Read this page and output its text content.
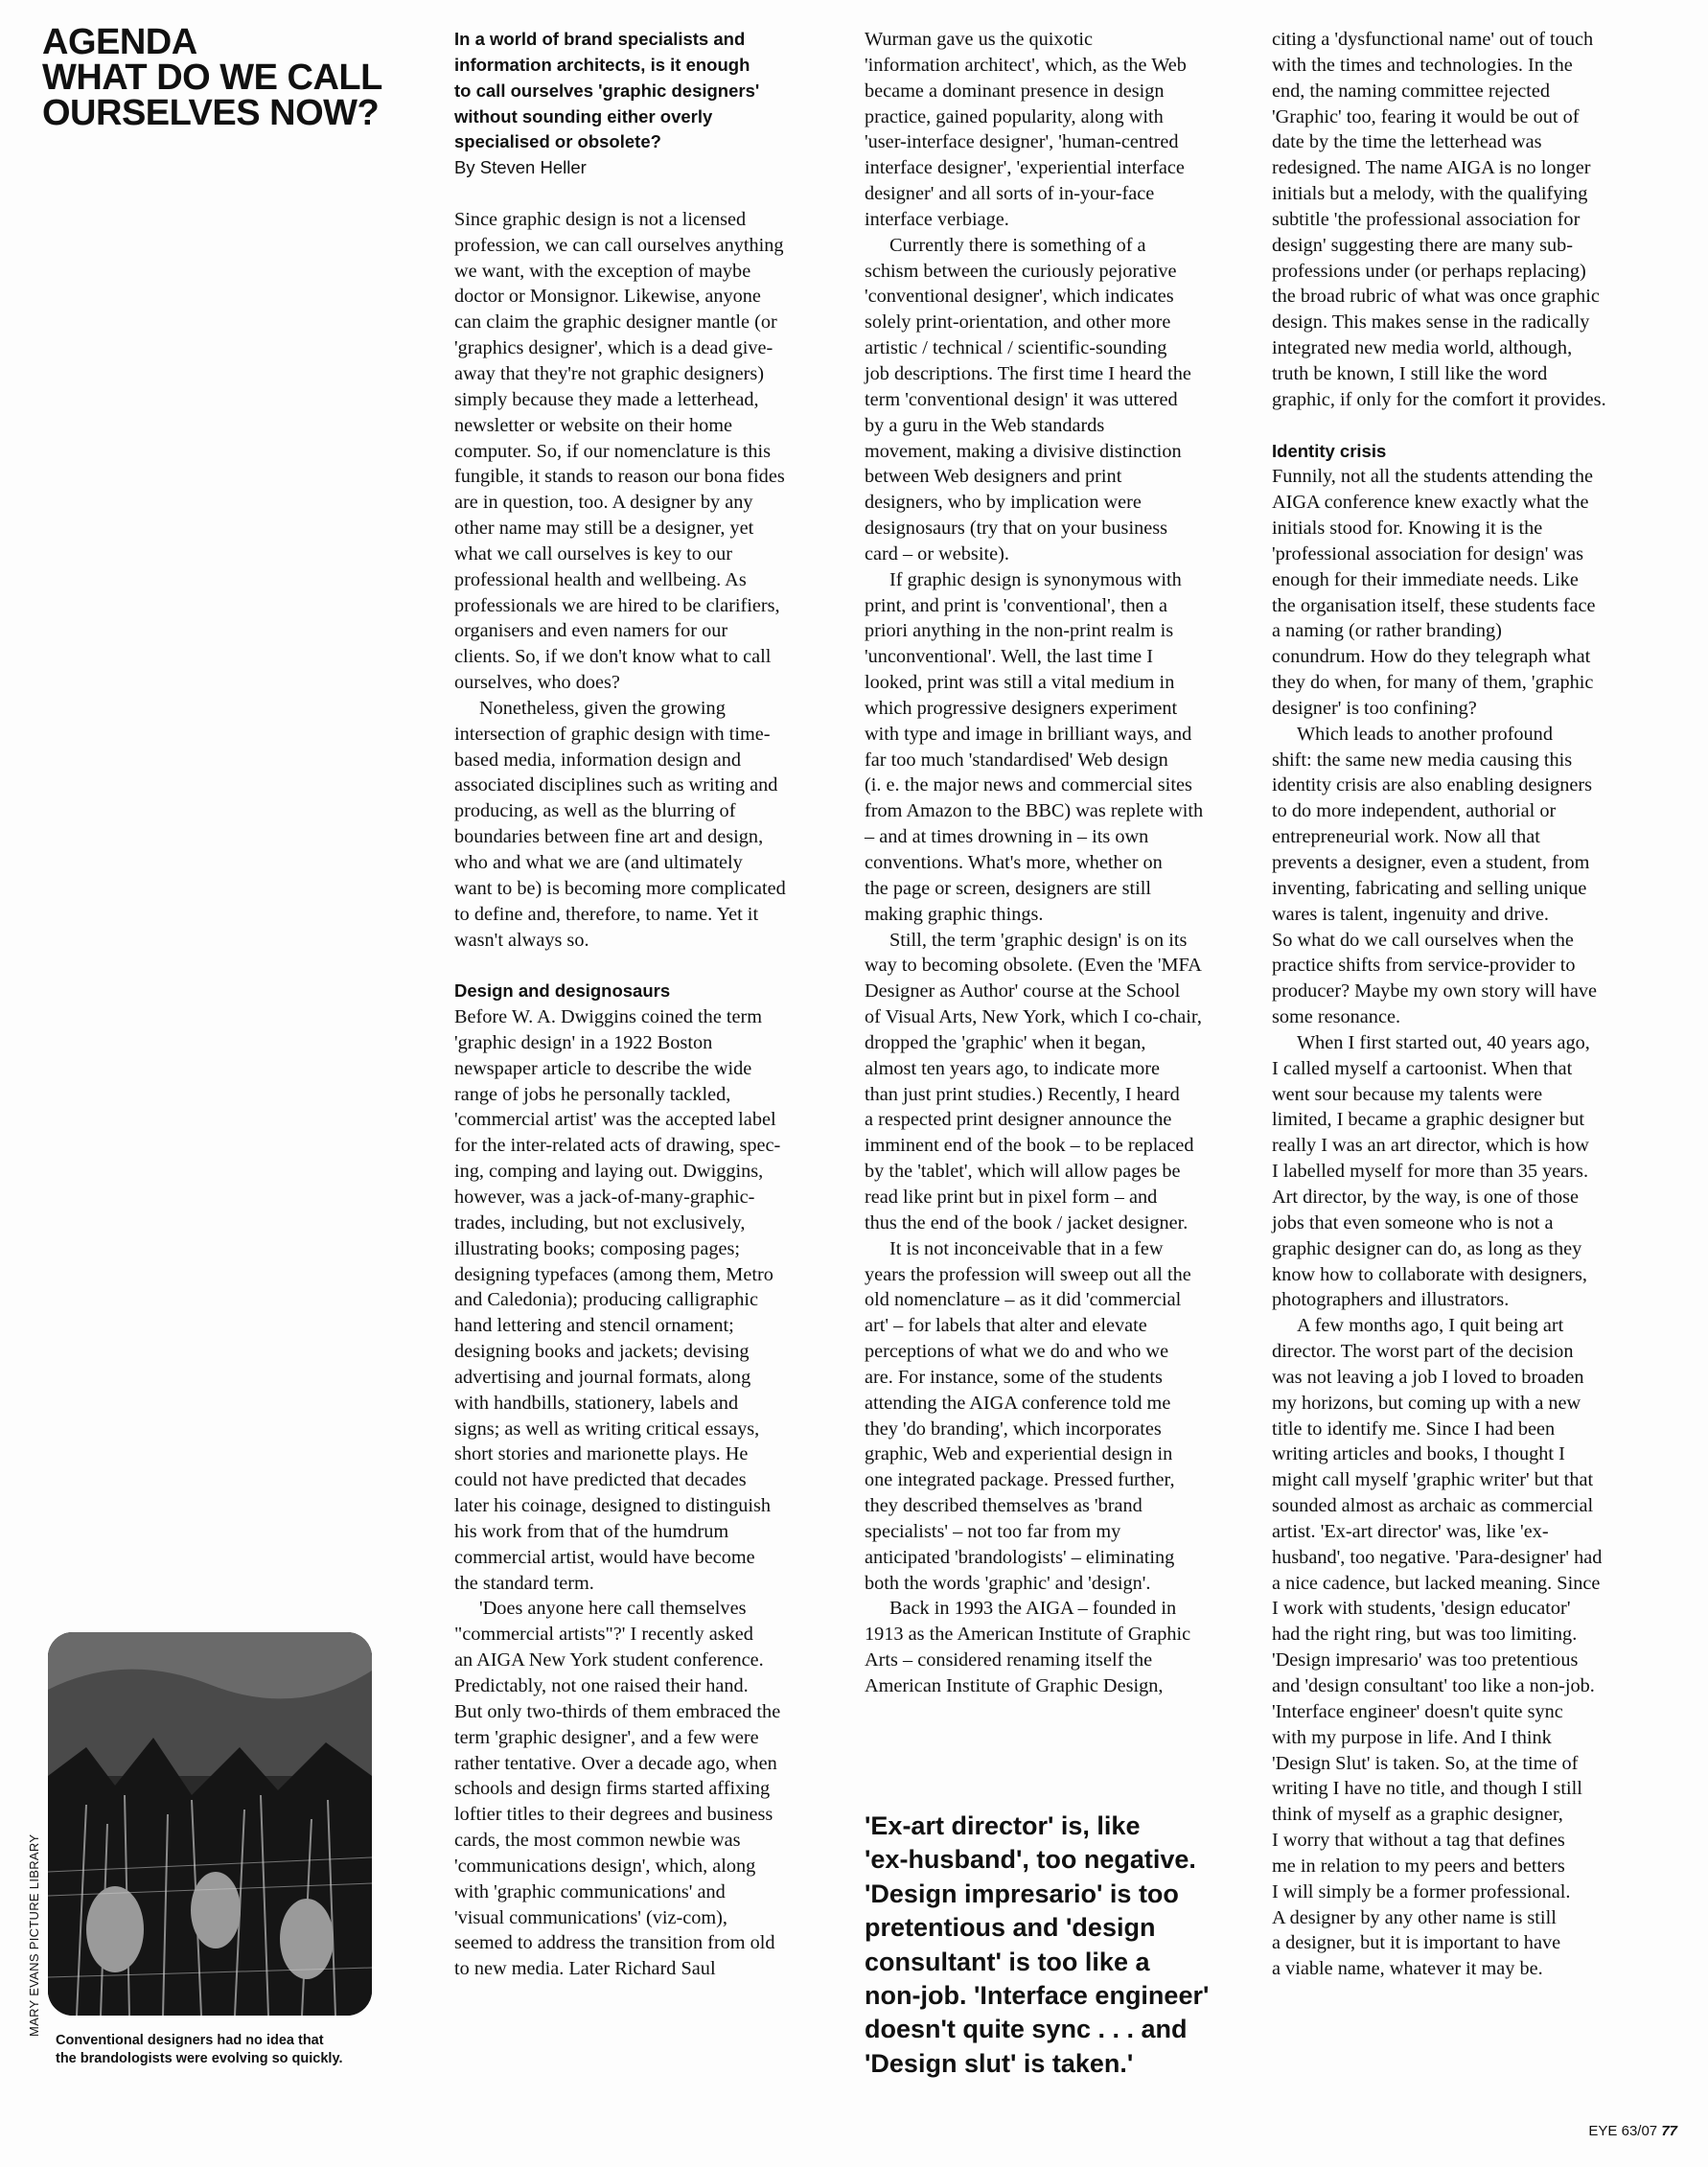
AGENDA
WHAT DO WE CALL
OURSELVES NOW?
In a world of brand specialists and
information architects, is it enough
to call ourselves 'graphic designers'
without sounding either overly
specialised or obsolete?
By Steven Heller
Since graphic design is not a licensed
profession, we can call ourselves anything
we want, with the exception of maybe
doctor or Monsignor. Likewise, anyone
can claim the graphic designer mantle (or
'graphics designer', which is a dead give-
away that they're not graphic designers)
simply because they made a letterhead,
newsletter or website on their home
computer. So, if our nomenclature is this
fungible, it stands to reason our bona fides
are in question, too. A designer by any
other name may still be a designer, yet
what we call ourselves is key to our
professional health and wellbeing. As
professionals we are hired to be clarifiers,
organisers and even namers for our
clients. So, if we don't know what to call
ourselves, who does?
Nonetheless, given the growing
intersection of graphic design with time-
based media, information design and
associated disciplines such as writing and
producing, as well as the blurring of
boundaries between fine art and design,
who and what we are (and ultimately
want to be) is becoming more complicated
to define and, therefore, to name. Yet it
wasn't always so.
Design and designosaurs
Before W. A. Dwiggins coined the term
'graphic design' in a 1922 Boston
newspaper article to describe the wide
range of jobs he personally tackled,
'commercial artist' was the accepted label
for the inter-related acts of drawing, spec-
ing, comping and laying out. Dwiggins,
however, was a jack-of-many-graphic-
trades, including, but not exclusively,
illustrating books; composing pages;
designing typefaces (among them, Metro
and Caledonia); producing calligraphic
hand lettering and stencil ornament;
designing books and jackets; devising
advertising and journal formats, along
with handbills, stationery, labels and
signs; as well as writing critical essays,
short stories and marionette plays. He
could not have predicted that decades
later his coinage, designed to distinguish
his work from that of the humdrum
commercial artist, would have become
the standard term.
'Does anyone here call themselves
"commercial artists"?' I recently asked
an AIGA New York student conference.
Predictably, not one raised their hand.
But only two-thirds of them embraced the
term 'graphic designer', and a few were
rather tentative. Over a decade ago, when
schools and design firms started affixing
loftier titles to their degrees and business
cards, the most common newbie was
'communications design', which, along
with 'graphic communications' and
'visual communications' (viz-com),
seemed to address the transition from old
to new media. Later Richard Saul
Wurman gave us the quixotic
'information architect', which, as the Web
became a dominant presence in design
practice, gained popularity, along with
'user-interface designer', 'human-centred
interface designer', 'experiential interface
designer' and all sorts of in-your-face
interface verbiage.
Currently there is something of a
schism between the curiously pejorative
'conventional designer', which indicates
solely print-orientation, and other more
artistic / technical / scientific-sounding
job descriptions. The first time I heard the
term 'conventional design' it was uttered
by a guru in the Web standards
movement, making a divisive distinction
between Web designers and print
designers, who by implication were
designosaurs (try that on your business
card – or website).
If graphic design is synonymous with
print, and print is 'conventional', then a
priori anything in the non-print realm is
'unconventional'. Well, the last time I
looked, print was still a vital medium in
which progressive designers experiment
with type and image in brilliant ways, and
far too much 'standardised' Web design
(i. e. the major news and commercial sites
from Amazon to the BBC) was replete with
– and at times drowning in – its own
conventions. What's more, whether on
the page or screen, designers are still
making graphic things.
Still, the term 'graphic design' is on its
way to becoming obsolete. (Even the 'MFA
Designer as Author' course at the School
of Visual Arts, New York, which I co-chair,
dropped the 'graphic' when it began,
almost ten years ago, to indicate more
than just print studies.) Recently, I heard
a respected print designer announce the
imminent end of the book – to be replaced
by the 'tablet', which will allow pages be
read like print but in pixel form – and
thus the end of the book / jacket designer.
It is not inconceivable that in a few
years the profession will sweep out all the
old nomenclature – as it did 'commercial
art' – for labels that alter and elevate
perceptions of what we do and who we
are. For instance, some of the students
attending the AIGA conference told me
they 'do branding', which incorporates
graphic, Web and experiential design in
one integrated package. Pressed further,
they described themselves as 'brand
specialists' – not too far from my
anticipated 'brandologists' – eliminating
both the words 'graphic' and 'design'.
Back in 1993 the AIGA – founded in
1913 as the American Institute of Graphic
Arts – considered renaming itself the
American Institute of Graphic Design,
citing a 'dysfunctional name' out of touch
with the times and technologies. In the
end, the naming committee rejected
'Graphic' too, fearing it would be out of
date by the time the letterhead was
redesigned. The name AIGA is no longer
initials but a melody, with the qualifying
subtitle 'the professional association for
design' suggesting there are many sub-
professions under (or perhaps replacing)
the broad rubric of what was once graphic
design. This makes sense in the radically
integrated new media world, although,
truth be known, I still like the word
graphic, if only for the comfort it provides.
Identity crisis
Funnily, not all the students attending the
AIGA conference knew exactly what the
initials stood for. Knowing it is the
'professional association for design' was
enough for their immediate needs. Like
the organisation itself, these students face
a naming (or rather branding)
conundrum. How do they telegraph what
they do when, for many of them, 'graphic
designer' is too confining?
Which leads to another profound
shift: the same new media causing this
identity crisis are also enabling designers
to do more independent, authorial or
entrepreneurial work. Now all that
prevents a designer, even a student, from
inventing, fabricating and selling unique
wares is talent, ingenuity and drive.
So what do we call ourselves when the
practice shifts from service-provider to
producer? Maybe my own story will have
some resonance.
When I first started out, 40 years ago,
I called myself a cartoonist. When that
went sour because my talents were
limited, I became a graphic designer but
really I was an art director, which is how
I labelled myself for more than 35 years.
Art director, by the way, is one of those
jobs that even someone who is not a
graphic designer can do, as long as they
know how to collaborate with designers,
photographers and illustrators.
A few months ago, I quit being art
director. The worst part of the decision
was not leaving a job I loved to broaden
my horizons, but coming up with a new
title to identify me. Since I had been
writing articles and books, I thought I
might call myself 'graphic writer' but that
sounded almost as archaic as commercial
artist. 'Ex-art director' was, like 'ex-
husband', too negative. 'Para-designer' had
a nice cadence, but lacked meaning. Since
I work with students, 'design educator'
had the right ring, but was too limiting.
'Design impresario' was too pretentious
and 'design consultant' too like a non-job.
'Interface engineer' doesn't quite sync
with my purpose in life. And I think
'Design Slut' is taken. So, at the time of
writing I have no title, and though I still
think of myself as a graphic designer,
I worry that without a tag that defines
me in relation to my peers and betters
I will simply be a former professional.
A designer by any other name is still
a designer, but it is important to have
a viable name, whatever it may be.
'Ex-art director' is, like
'ex-husband', too negative.
'Design impresario' is too
pretentious and 'design
consultant' is too like a
non-job. 'Interface engineer'
doesn't quite sync . . . and
'Design slut' is taken.'
MARY EVANS PICTURE LIBRARY
Conventional designers had no idea that
the brandologists were evolving so quickly.
EYE 63/07 77
